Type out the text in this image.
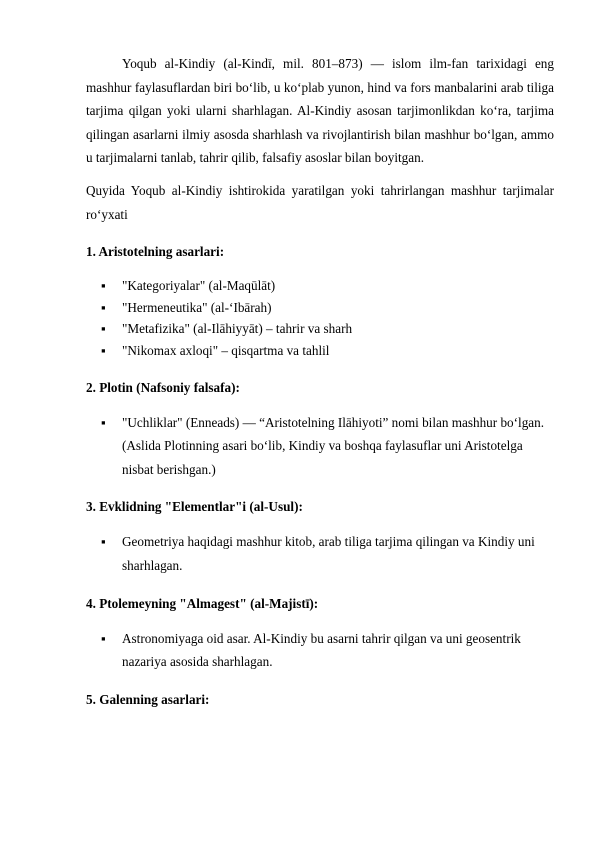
Yoqub al-Kindiy (al-Kindī, mil. 801–873) — islom ilm-fan tarixidagi eng mashhur faylasuflardan biri bo‘lib, u ko‘plab yunon, hind va fors manbalarini arab tiliga tarjima qilgan yoki ularni sharhlagan. Al-Kindiy asosan tarjimonlikdan ko‘ra, tarjima qilingan asarlarni ilmiy asosda sharhlash va rivojlantirish bilan mashhur bo‘lgan, ammo u tarjimalarni tanlab, tahrir qilib, falsafiy asoslar bilan boyitgan.

Quyida Yoqub al-Kindiy ishtirokida yaratilgan yoki tahrirlangan mashhur tarjimalar ro‘yxati

1. Aristotelning asarlari:
▪ "Kategoriyalar" (al-Maqūlāt)
▪ "Hermeneutika" (al-‘Ibārah)
▪ "Metafizika" (al-Ilāhiyyāt) – tahrir va sharh
▪ "Nikomax axloqi" – qisqartma va tahlil
2. Plotin (Nafsoniy falsafa):
▪ "Uchliklar" (Enneads) — “Aristotelning Ilāhiyoti” nomi bilan mashhur bo‘lgan.
(Aslida Plotinning asari bo‘lib, Kindiy va boshqa faylasuflar uni Aristotelga nisbat berishgan.)
3. Evklidning "Elementlar"i (al-Usul):
▪ Geometriya haqidagi mashhur kitob, arab tiliga tarjima qilingan va Kindiy uni sharhlagan.
4. Ptolemeyning "Almagest" (al-Majistī):
▪ Astronomiyaga oid asar. Al-Kindiy bu asarni tahrir qilgan va uni geosentrik nazariya asosida sharhlagan.
5. Galenning asarlari:
